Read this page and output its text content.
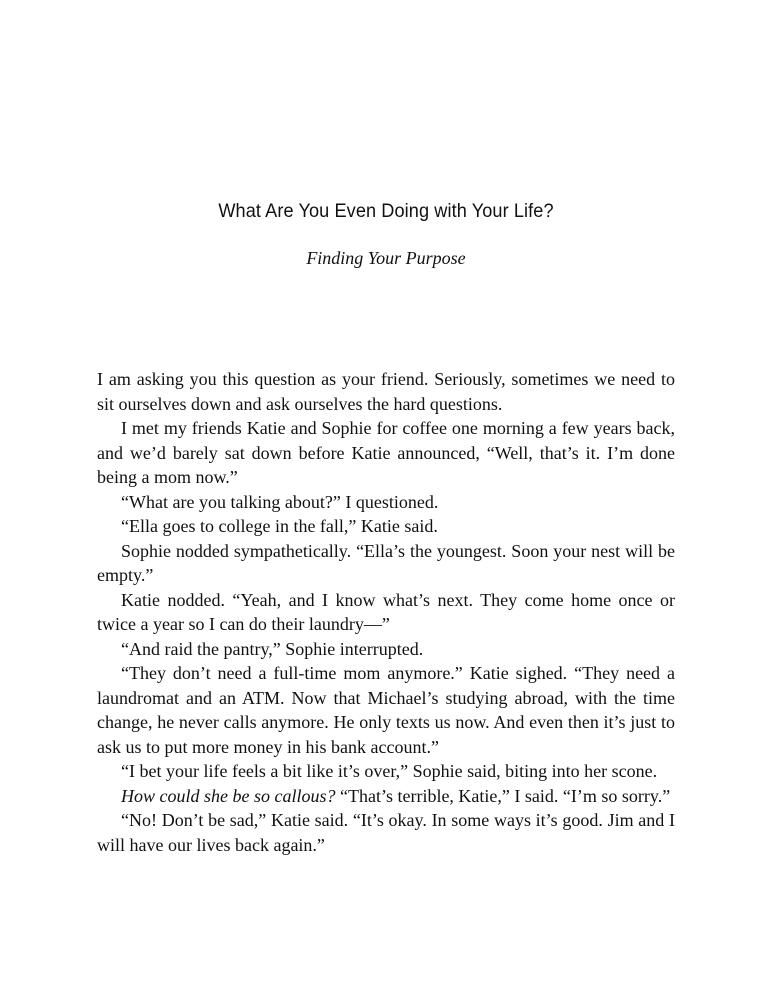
What Are You Even Doing with Your Life?
Finding Your Purpose

I am asking you this question as your friend. Seriously, sometimes we need to sit ourselves down and ask ourselves the hard questions.

I met my friends Katie and Sophie for coffee one morning a few years back, and we’d barely sat down before Katie announced, “Well, that’s it. I’m done being a mom now.”

“What are you talking about?” I questioned.

“Ella goes to college in the fall,” Katie said.

Sophie nodded sympathetically. “Ella’s the youngest. Soon your nest will be empty.”

Katie nodded. “Yeah, and I know what’s next. They come home once or twice a year so I can do their laundry—”

“And raid the pantry,” Sophie interrupted.

“They don’t need a full-time mom anymore.” Katie sighed. “They need a laundromat and an ATM. Now that Michael’s studying abroad, with the time change, he never calls anymore. He only texts us now. And even then it’s just to ask us to put more money in his bank account.”

“I bet your life feels a bit like it’s over,” Sophie said, biting into her scone.

How could she be so callous? “That’s terrible, Katie,” I said. “I’m so sorry.”

“No! Don’t be sad,” Katie said. “It’s okay. In some ways it’s good. Jim and I will have our lives back again.”
